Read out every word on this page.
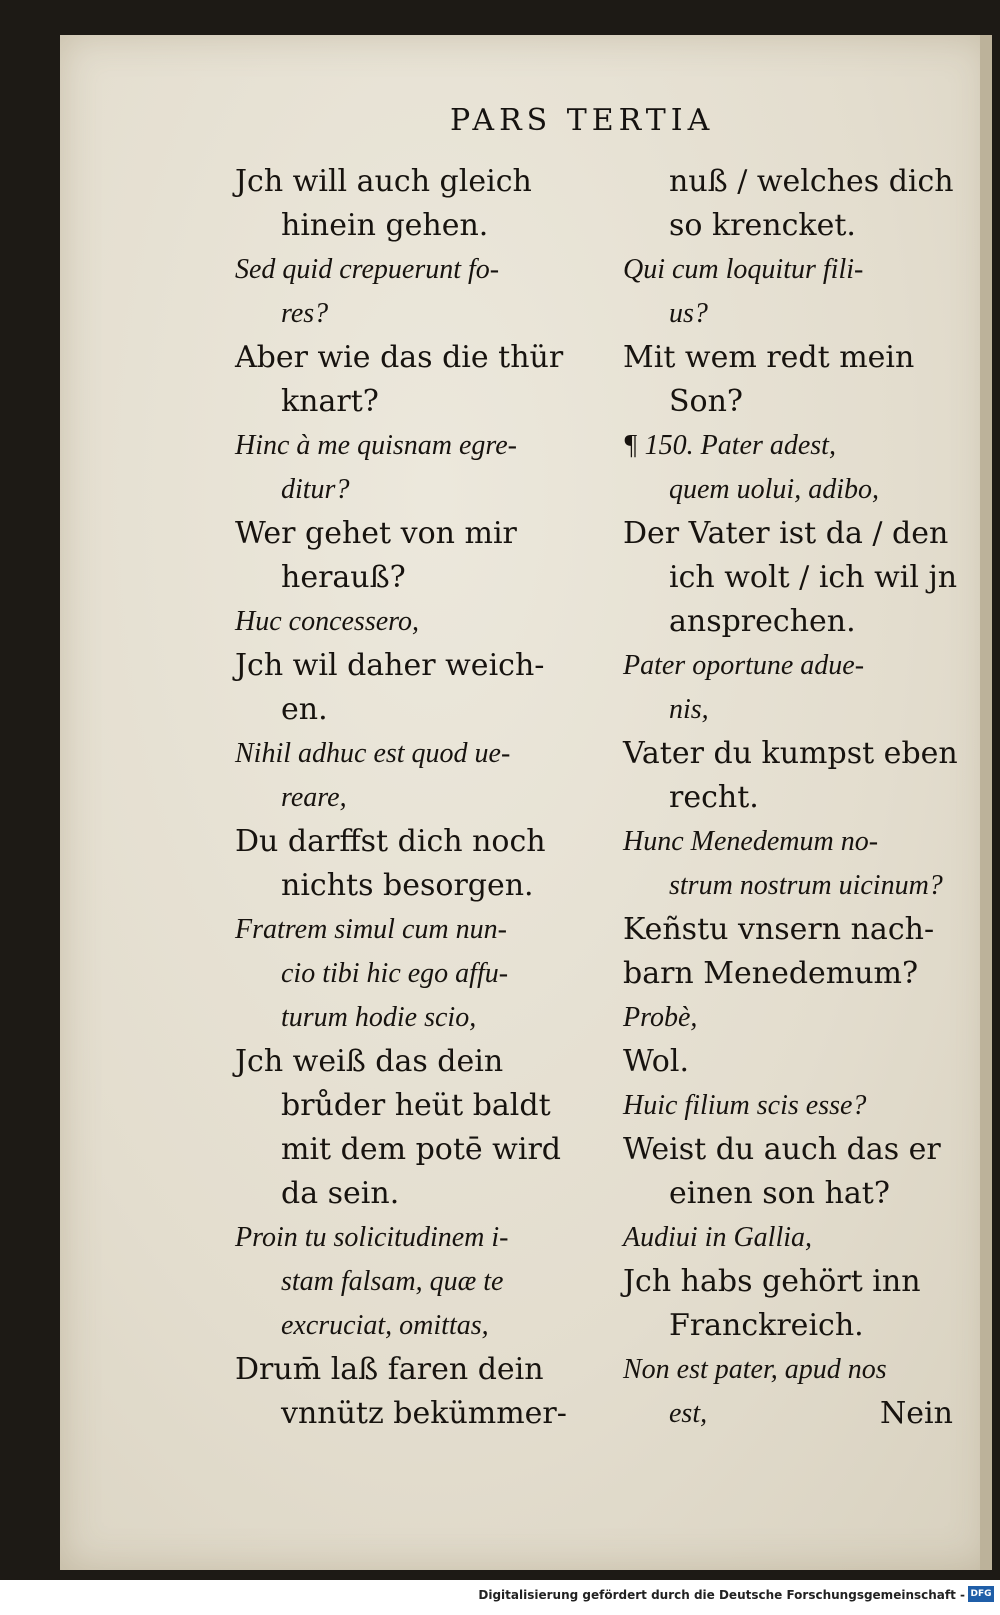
PARS TERTIA
Jch will auch gleich
hinein gehen.
Sed quid crepuerunt fo-
res?
Aber wie das die thür
knart?
Hinc à me quisnam egre-
ditur?
Wer gehet von mir
herauß?
Huc concessero,
Jch wil daher weich-
en.
Nihil adhuc est quod ue-
reare,
Du darffst dich noch
nichts besorgen.
Fratrem simul cum nun-
cio tibi hic ego affu-
turum hodie scio,
Jch weiß das dein
brůder heüt baldt
mit dem potē wird
da sein.
Proin tu solicitudinem i-
stam falsam, quæ te
excruciat, omittas,
Drum̄ laß faren dein
vnnütz bekümmer-
nuß / welches dich
so krencket.
Qui cum loquitur fili-
us?
Mit wem redt mein
Son?
¶ 150. Pater adest,
quem uolui, adibo,
Der Vater ist da / den
ich wolt / ich wil jn
ansprechen.
Pater oportune adue-
nis,
Vater du kumpst eben
recht.
Hunc Menedemum no-
strum nostrum uicinum?
Keñstu vnsern nach-
barn Menedemum?
Probè,
Wol.
Huic filium scis esse?
Weist du auch das er
einen son hat?
Audiui in Gallia,
Jch habs gehört inn
Franckreich.
Non est pater, apud nos
est,	Nein
Digitalisierung gefördert durch die Deutsche Forschungsgemeinschaft - DFG
